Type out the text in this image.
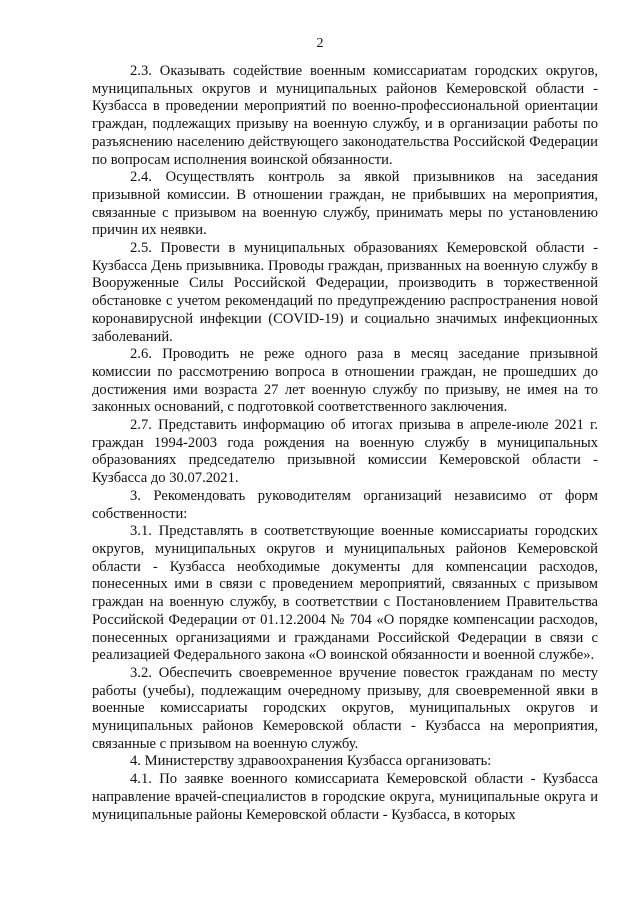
2

2.3. Оказывать содействие военным комиссариатам городских округов, муниципальных округов и муниципальных районов Кемеровской области - Кузбасса в проведении мероприятий по военно-профессиональной ориентации граждан, подлежащих призыву на военную службу, и в организации работы по разъяснению населению действующего законодательства Российской Федерации по вопросам исполнения воинской обязанности.

2.4. Осуществлять контроль за явкой призывников на заседания призывной комиссии. В отношении граждан, не прибывших на мероприятия, связанные с призывом на военную службу, принимать меры по установлению причин их неявки.

2.5. Провести в муниципальных образованиях Кемеровской области - Кузбасса День призывника. Проводы граждан, призванных на военную службу в Вооруженные Силы Российской Федерации, производить в торжественной обстановке с учетом рекомендаций по предупреждению распространения новой коронавирусной инфекции (COVID-19) и социально значимых инфекционных заболеваний.

2.6. Проводить не реже одного раза в месяц заседание призывной комиссии по рассмотрению вопроса в отношении граждан, не прошедших до достижения ими возраста 27 лет военную службу по призыву, не имея на то законных оснований, с подготовкой соответственного заключения.

2.7. Представить информацию об итогах призыва в апреле-июле 2021 г. граждан 1994-2003 года рождения на военную службу в муниципальных образованиях председателю призывной комиссии Кемеровской области - Кузбасса до 30.07.2021.

3. Рекомендовать руководителям организаций независимо от форм собственности:

3.1. Представлять в соответствующие военные комиссариаты городских округов, муниципальных округов и муниципальных районов Кемеровской области - Кузбасса необходимые документы для компенсации расходов, понесенных ими в связи с проведением мероприятий, связанных с призывом граждан на военную службу, в соответствии с Постановлением Правительства Российской Федерации от 01.12.2004 № 704 «О порядке компенсации расходов, понесенных организациями и гражданами Российской Федерации в связи с реализацией Федерального закона «О воинской обязанности и военной службе».

3.2. Обеспечить своевременное вручение повесток гражданам по месту работы (учебы), подлежащим очередному призыву, для своевременной явки в военные комиссариаты городских округов, муниципальных округов и муниципальных районов Кемеровской области - Кузбасса на мероприятия, связанные с призывом на военную службу.

4. Министерству здравоохранения Кузбасса организовать:

4.1. По заявке военного комиссариата Кемеровской области - Кузбасса направление врачей-специалистов в городские округа, муниципальные округа и муниципальные районы Кемеровской области - Кузбасса, в которых
